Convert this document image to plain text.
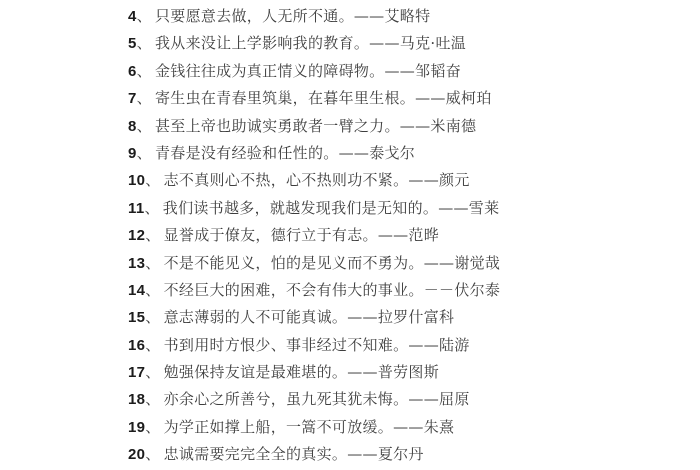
4、 只要愿意去做，人无所不通。——艾略特
5、 我从来没让上学影响我的教育。——马克·吐温
6、 金钱往往成为真正情义的障碍物。——邹韬奋
7、 寄生虫在青春里筑巢，在暮年里生根。——威柯珀
8、 甚至上帝也助诚实勇敢者一臂之力。——米南德
9、 青春是没有经验和任性的。——泰戈尔
10、 志不真则心不热，心不热则功不紧。——颜元
11、 我们读书越多，就越发现我们是无知的。——雪莱
12、 显誉成于僚友，德行立于有志。——范晔
13、 不是不能见义，怕的是见义而不勇为。——谢觉哉
14、 不经巨大的困难，不会有伟大的事业。－－伏尔泰
15、 意志薄弱的人不可能真诚。——拉罗什富科
16、 书到用时方恨少、事非经过不知难。——陆游
17、 勉强保持友谊是最难堪的。——普劳图斯
18、 亦余心之所善兮，虽九死其犹未悔。——屈原
19、 为学正如撑上船，一篙不可放缓。——朱熹
20、 忠诚需要完完全全的真实。——夏尔丹
